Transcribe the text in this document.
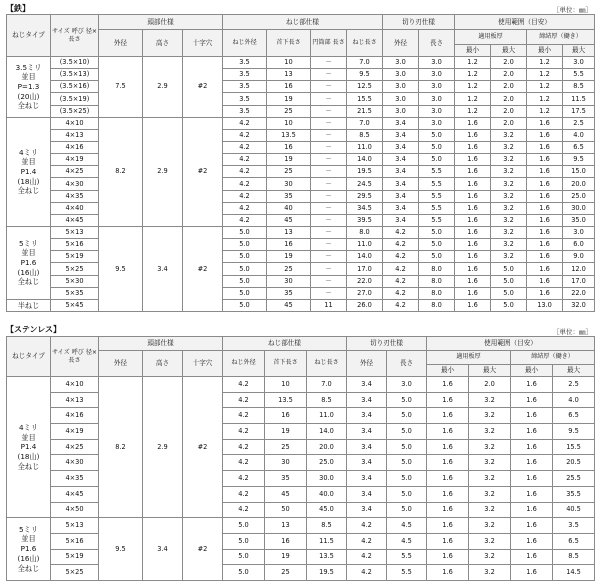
【鉄】	［単位：㎜］
ねじタイプ	サイズ 呼び 径×長さ	頭部仕様			ねじ部仕様				切り刃仕様		使用範囲（目安）			
		外径	高さ	十字穴	ねじ外径	首下長さ	円筒部 長さ	ねじ長さ	外径	長さ	適用板厚		締結厚（働き）	
											最小	最大	最小	最大
3.5ミリ
並目
P=1.3
(20山)
全ねじ	(3.5×10)	7.5	2.9	#2	3.5	10	－	7.0	3.0	3.0	1.2	2.0	1.2	3.0
	(3.5×13)				3.5	13	－	9.5	3.0	3.0	1.2	2.0	1.2	5.5
	(3.5×16)				3.5	16	－	12.5	3.0	3.0	1.2	2.0	1.2	8.5
	(3.5×19)				3.5	19	－	15.5	3.0	3.0	1.2	2.0	1.2	11.5
	(3.5×25)				3.5	25	－	21.5	3.0	3.0	1.2	2.0	1.2	17.5
4ミリ
並目
P1.4
(18山)
全ねじ	4×10	8.2	2.9	#2	4.2	10	－	7.0	3.4	3.0	1.6	2.0	1.6	2.5
	4×13				4.2	13.5	－	8.5	3.4	5.0	1.6	3.2	1.6	4.0
	4×16				4.2	16	－	11.0	3.4	5.0	1.6	3.2	1.6	6.5
	4×19				4.2	19	－	14.0	3.4	5.0	1.6	3.2	1.6	9.5
	4×25				4.2	25	－	19.5	3.4	5.5	1.6	3.2	1.6	15.0
	4×30				4.2	30	－	24.5	3.4	5.5	1.6	3.2	1.6	20.0
	4×35				4.2	35	－	29.5	3.4	5.5	1.6	3.2	1.6	25.0
	4×40				4.2	40	－	34.5	3.4	5.5	1.6	3.2	1.6	30.0
	4×45				4.2	45	－	39.5	3.4	5.5	1.6	3.2	1.6	35.0
5ミリ
並目
P1.6
(16山)
全ねじ	5×13	9.5	3.4	#2	5.0	13	－	8.0	4.2	5.0	1.6	3.2	1.6	3.0
	5×16				5.0	16	－	11.0	4.2	5.0	1.6	3.2	1.6	6.0
	5×19				5.0	19	－	14.0	4.2	5.0	1.6	3.2	1.6	9.0
	5×25				5.0	25	－	17.0	4.2	8.0	1.6	5.0	1.6	12.0
	5×30				5.0	30	－	22.0	4.2	8.0	1.6	5.0	1.6	17.0
	5×35				5.0	35	－	27.0	4.2	8.0	1.6	5.0	1.6	22.0
半ねじ	5×45				5.0	45	11	26.0	4.2	8.0	1.6	5.0	13.0	32.0
【ステンレス】	［単位：㎜］
ねじタイプ	サイズ 呼び 径×長さ	頭部仕様			ねじ部仕様			切り刃仕様		使用範囲（目安）			
		外径	高さ	十字穴	ねじ外径	首下長さ	ねじ長さ	外径	長さ	適用板厚		締結厚（働き）	
										最小	最大	最小	最大
4ミリ
並目
P1.4
(18山)
全ねじ	4×10	8.2	2.9	#2	4.2	10	7.0	3.4	3.0	1.6	2.0	1.6	2.5
	4×13				4.2	13.5	8.5	3.4	5.0	1.6	3.2	1.6	4.0
	4×16				4.2	16	11.0	3.4	5.0	1.6	3.2	1.6	6.5
	4×19				4.2	19	14.0	3.4	5.0	1.6	3.2	1.6	9.5
	4×25				4.2	25	20.0	3.4	5.0	1.6	3.2	1.6	15.5
	4×30				4.2	30	25.0	3.4	5.0	1.6	3.2	1.6	20.5
	4×35				4.2	35	30.0	3.4	5.0	1.6	3.2	1.6	25.5
	4×45				4.2	45	40.0	3.4	5.0	1.6	3.2	1.6	35.5
	4×50				4.2	50	45.0	3.4	5.0	1.6	3.2	1.6	40.5
5ミリ
並目
P1.6
(16山)
全ねじ	5×13	9.5	3.4	#2	5.0	13	8.5	4.2	4.5	1.6	3.2	1.6	3.5
	5×16				5.0	16	11.5	4.2	4.5	1.6	3.2	1.6	6.5
	5×19				5.0	19	13.5	4.2	5.5	1.6	3.2	1.6	8.5
	5×25				5.0	25	19.5	4.2	5.5	1.6	3.2	1.6	14.5
